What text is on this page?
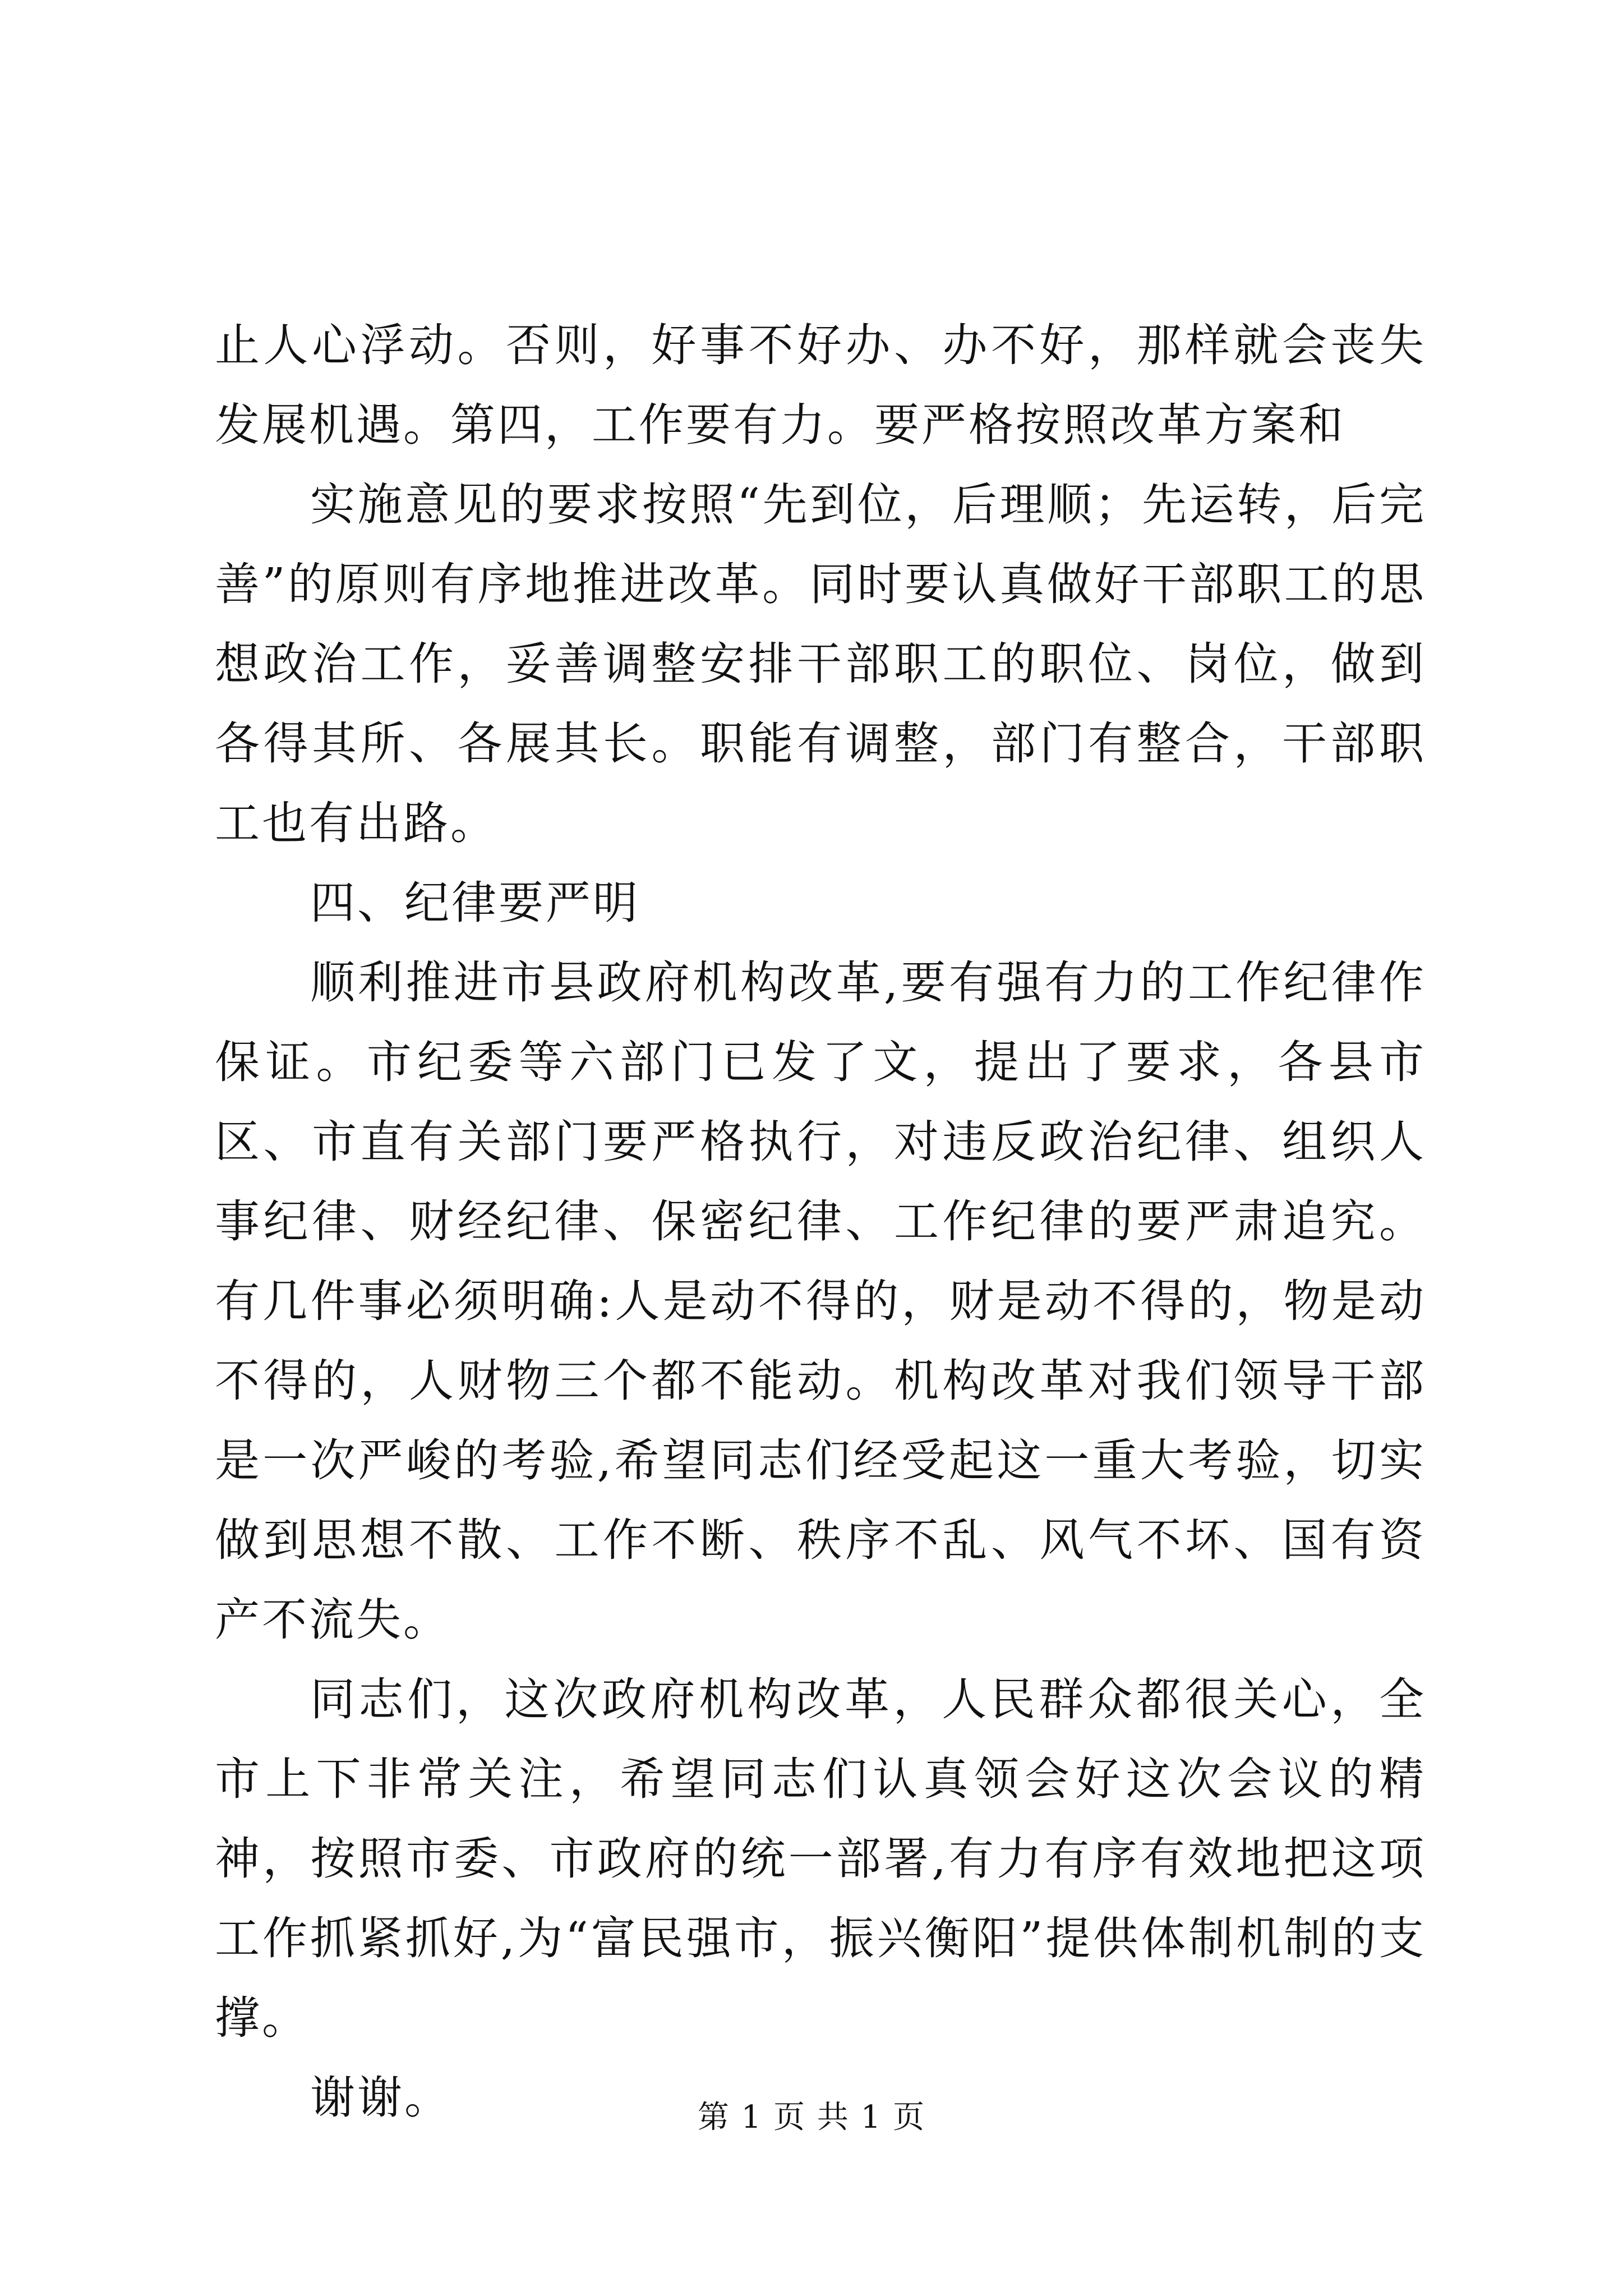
止人心浮动。否则，好事不好办、办不好，那样就会丧失发展机遇。第四，工作要有力。要严格按照改革方案和

实施意见的要求按照“先到位，后理顺；先运转，后完善”的原则有序地推进改革。同时要认真做好干部职工的思想政治工作，妥善调整安排干部职工的职位、岗位，做到各得其所、各展其长。职能有调整，部门有整合，干部职工也有出路。

四、纪律要严明

顺利推进市县政府机构改革,要有强有力的工作纪律作保证。市纪委等六部门已发了文，提出了要求，各县市区、市直有关部门要严格执行，对违反政治纪律、组织人事纪律、财经纪律、保密纪律、工作纪律的要严肃追究。有几件事必须明确:人是动不得的，财是动不得的，物是动不得的，人财物三个都不能动。机构改革对我们领导干部是一次严峻的考验,希望同志们经受起这一重大考验，切实做到思想不散、工作不断、秩序不乱、风气不坏、国有资产不流失。

同志们，这次政府机构改革，人民群众都很关心，全市上下非常关注，希望同志们认真领会好这次会议的精神，按照市委、市政府的统一部署,有力有序有效地把这项工作抓紧抓好,为“富民强市，振兴衡阳”提供体制机制的支撑。

谢谢。	第 1 页 共 1 页
